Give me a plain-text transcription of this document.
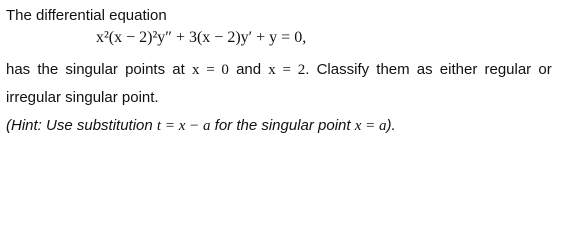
The differential equation
x²(x − 2)²y″ + 3(x − 2)y′ + y = 0,
has the singular points at x = 0 and x = 2. Classify them as either regular or
irregular singular point.
(Hint: Use substitution t = x − a for the singular point x = a).
